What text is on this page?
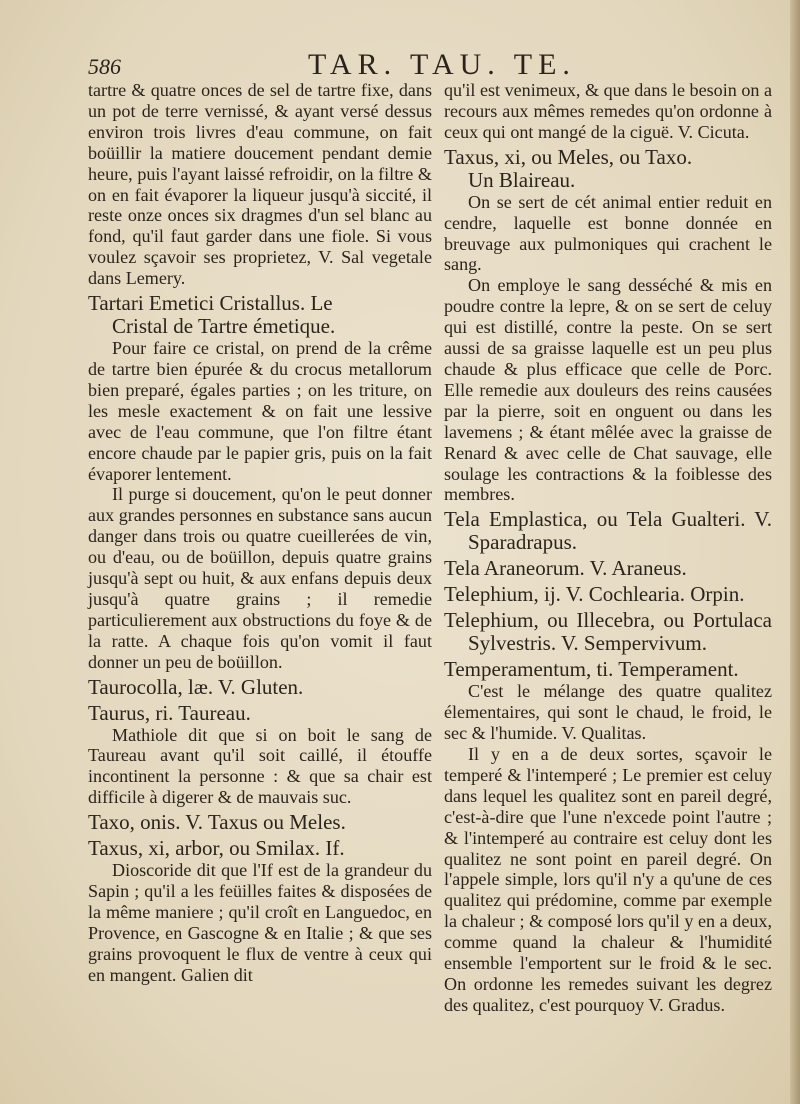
586	TAR. TAU. TE.

tartre & quatre onces de sel de tartre fixe, dans un pot de terre vernissé, & ayant versé dessus environ trois livres d'eau commune, on fait boüillir la matiere doucement pendant demie heure, puis l'ayant laissé refroidir, on la filtre & on en fait évaporer la liqueur jusqu'à siccité, il reste onze onces six dragmes d'un sel blanc au fond, qu'il faut garder dans une fiole. Si vous voulez sçavoir ses proprietez, V. Sal vegetale dans Lemery.

Tartari Emetici Cristallus. Le

Cristal de Tartre émetique.

Pour faire ce cristal, on prend de la crême de tartre bien épurée & du crocus metallorum bien preparé, égales parties ; on les triture, on les mesle exactement & on fait une lessive avec de l'eau commune, que l'on filtre étant encore chaude par le papier gris, puis on la fait évaporer lentement.

Il purge si doucement, qu'on le peut donner aux grandes personnes en substance sans aucun danger dans trois ou quatre cueillerées de vin, ou d'eau, ou de boüillon, depuis quatre grains jusqu'à sept ou huit, & aux enfans depuis deux jusqu'à quatre grains ; il remedie particulierement aux obstructions du foye & de la ratte. A chaque fois qu'on vomit il faut donner un peu de boüillon.

Taurocolla, læ. V. Gluten.

Taurus, ri. Taureau.

Mathiole dit que si on boit le sang de Taureau avant qu'il soit caillé, il étouffe incontinent la personne : & que sa chair est difficile à digerer & de mauvais suc.

Taxo, onis. V. Taxus ou Meles.

Taxus, xi, arbor, ou Smilax. If.

Dioscoride dit que l'If est de la grandeur du Sapin ; qu'il a les feüilles faites & disposées de la même maniere ; qu'il croît en Languedoc, en Provence, en Gascogne & en Italie ; & que ses grains provoquent le flux de ventre à ceux qui en mangent. Galien dit

qu'il est venimeux, & que dans le besoin on a recours aux mêmes remedes qu'on ordonne à ceux qui ont mangé de la ciguë. V. Cicuta.

Taxus, xi, ou Meles, ou Taxo.

Un Blaireau.

On se sert de cét animal entier reduit en cendre, laquelle est bonne donnée en breuvage aux pulmoniques qui crachent le sang.

On employe le sang desséché & mis en poudre contre la lepre, & on se sert de celuy qui est distillé, contre la peste. On se sert aussi de sa graisse laquelle est un peu plus chaude & plus efficace que celle de Porc. Elle remedie aux douleurs des reins causées par la pierre, soit en onguent ou dans les lavemens ; & étant mêlée avec la graisse de Renard & avec celle de Chat sauvage, elle soulage les contractions & la foiblesse des membres.

Tela Emplastica, ou Tela Gualteri. V. Sparadrapus.

Tela Araneorum. V. Araneus.

Telephium, ij. V. Cochlearia. Orpin.

Telephium, ou Illecebra, ou Portulaca Sylvestris. V. Sempervivum.

Temperamentum, ti. Temperament.

C'est le mélange des quatre qualitez élementaires, qui sont le chaud, le froid, le sec & l'humide. V. Qualitas.

Il y en a de deux sortes, sçavoir le temperé & l'intemperé ; Le premier est celuy dans lequel les qualitez sont en pareil degré, c'est-à-dire que l'une n'excede point l'autre ; & l'intemperé au contraire est celuy dont les qualitez ne sont point en pareil degré. On l'appele simple, lors qu'il n'y a qu'une de ces qualitez qui prédomine, comme par exemple la chaleur ; & composé lors qu'il y en a deux, comme quand la chaleur & l'humidité ensemble l'emportent sur le froid & le sec. On ordonne les remedes suivant les degrez des qualitez, c'est pourquoy V. Gradus.
